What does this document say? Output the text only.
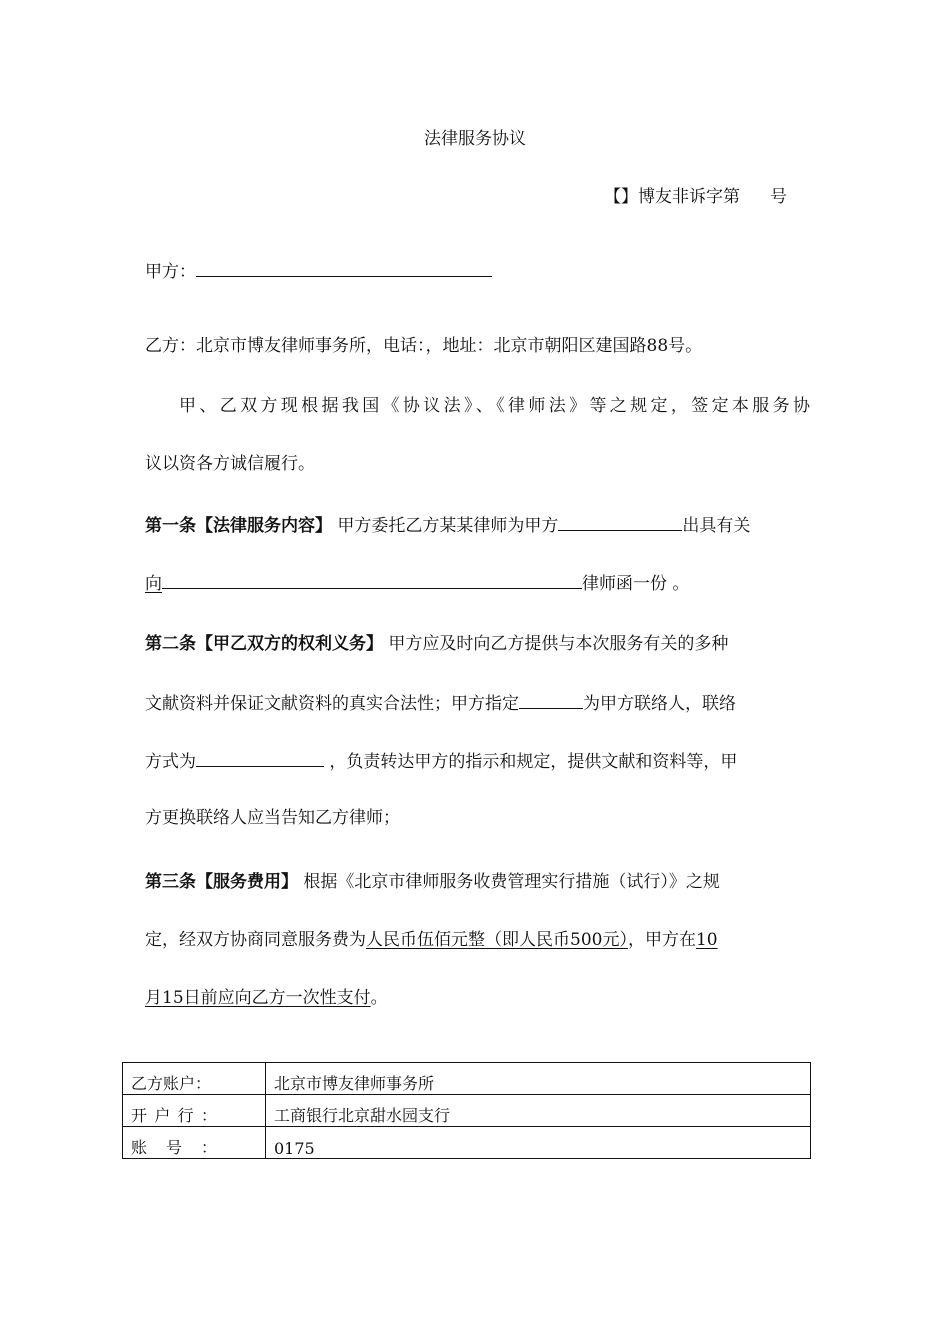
法律服务协议
【】博友非诉字第 号
甲方：
乙方：北京市博友律师事务所，电话：，地址：北京市朝阳区建国路88号。
甲、乙双方现根据我国《协议法》、《律师法》等之规定，签定本服务协
议以资各方诚信履行。
第一条【法律服务内容】 甲方委托乙方某某律师为甲方	出具有关
向	律师函一份 。
第二条【甲乙双方的权利义务】 甲方应及时向乙方提供与本次服务有关的多种
文献资料并保证文献资料的真实合法性；甲方指定	为甲方联络人，联络
方式为	，负责转达甲方的指示和规定，提供文献和资料等，甲
方更换联络人应当告知乙方律师；
第三条【服务费用】 根据《北京市律师服务收费管理实行措施（试行）》之规
定，经双方协商同意服务费为人民币伍佰元整（即人民币500元），甲方在10
月15日前应向乙方一次性支付。
乙方账户：	北京市博友律师事务所

开 户 行 ：	工商银行北京甜水园支行

账 号 ：	0175
